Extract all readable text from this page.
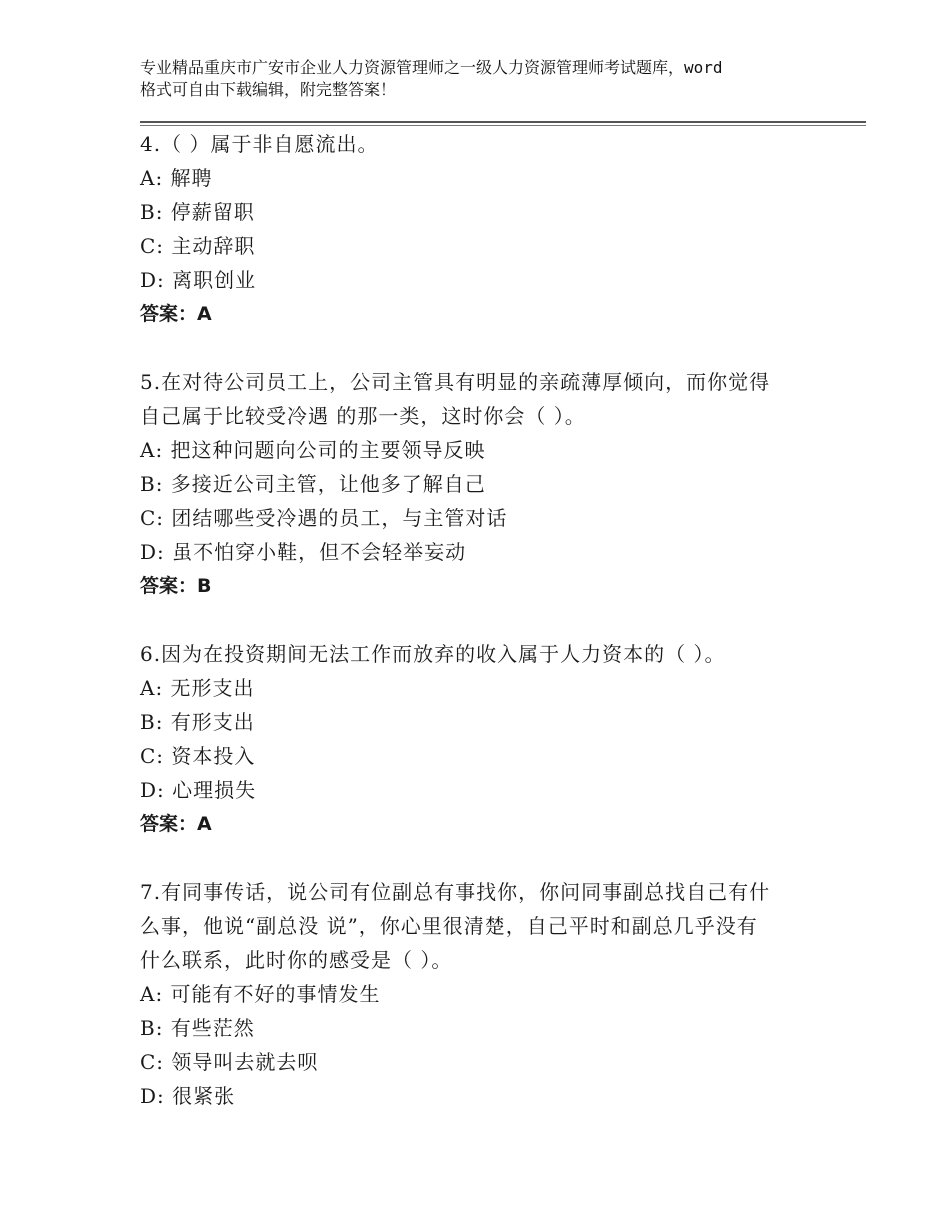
专业精品重庆市广安市企业人力资源管理师之一级人力资源管理师考试题库，word
格式可自由下载编辑，附完整答案！
4.（ ）属于非自愿流出。
A: 解聘
B: 停薪留职
C: 主动辞职
D: 离职创业
答案：A
5.在对待公司员工上，公司主管具有明显的亲疏薄厚倾向，而你觉得
自己属于比较受冷遇 的那一类，这时你会（ ）。
A: 把这种问题向公司的主要领导反映
B: 多接近公司主管，让他多了解自己
C: 团结哪些受冷遇的员工，与主管对话
D: 虽不怕穿小鞋，但不会轻举妄动
答案：B
6.因为在投资期间无法工作而放弃的收入属于人力资本的（ ）。
A: 无形支出
B: 有形支出
C: 资本投入
D: 心理损失
答案：A
7.有同事传话，说公司有位副总有事找你，你问同事副总找自己有什
么事，他说“副总没 说”，你心里很清楚，自己平时和副总几乎没有
什么联系，此时你的感受是（ ）。
A: 可能有不好的事情发生
B: 有些茫然
C: 领导叫去就去呗
D: 很紧张
